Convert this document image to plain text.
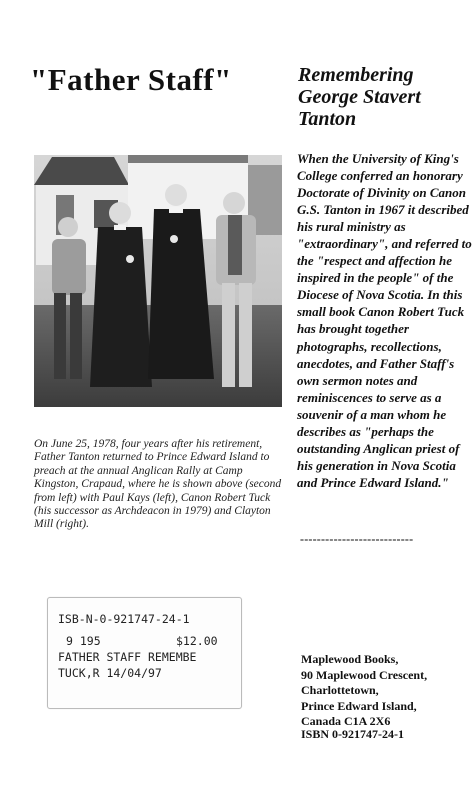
"Father Staff"	Remembering
George Stavert
Tanton
On June 25, 1978, four years after his retirement, Father Tanton returned to Prince Edward Island to preach at the annual Anglican Rally at Camp Kingston, Crapaud, where he is shown above (second from left) with Paul Kays (left), Canon Robert Tuck (his successor as Archdeacon in 1979) and Clayton Mill (right).
When the University of King's College conferred an honorary Doctorate of Divinity on Canon G.S. Tanton in 1967 it described his rural ministry as "extraordinary", and referred to the "respect and affection he inspired in the people" of the Diocese of Nova Scotia. In this small book Canon Robert Tuck has brought together photographs, recollections, anecdotes, and Father Staff's own sermon notes and reminiscences to serve as a souvenir of a man whom he describes as "perhaps the outstanding Anglican priest of his generation in Nova Scotia and Prince Edward Island."
---------------------------
ISB-N-0-921747-24-1
9 195	$12.00
FATHER STAFF REMEMBE
TUCK,R 14/04/97
Maplewood Books,
90 Maplewood Crescent,
Charlottetown,
Prince Edward Island,
Canada C1A 2X6
ISBN 0-921747-24-1
